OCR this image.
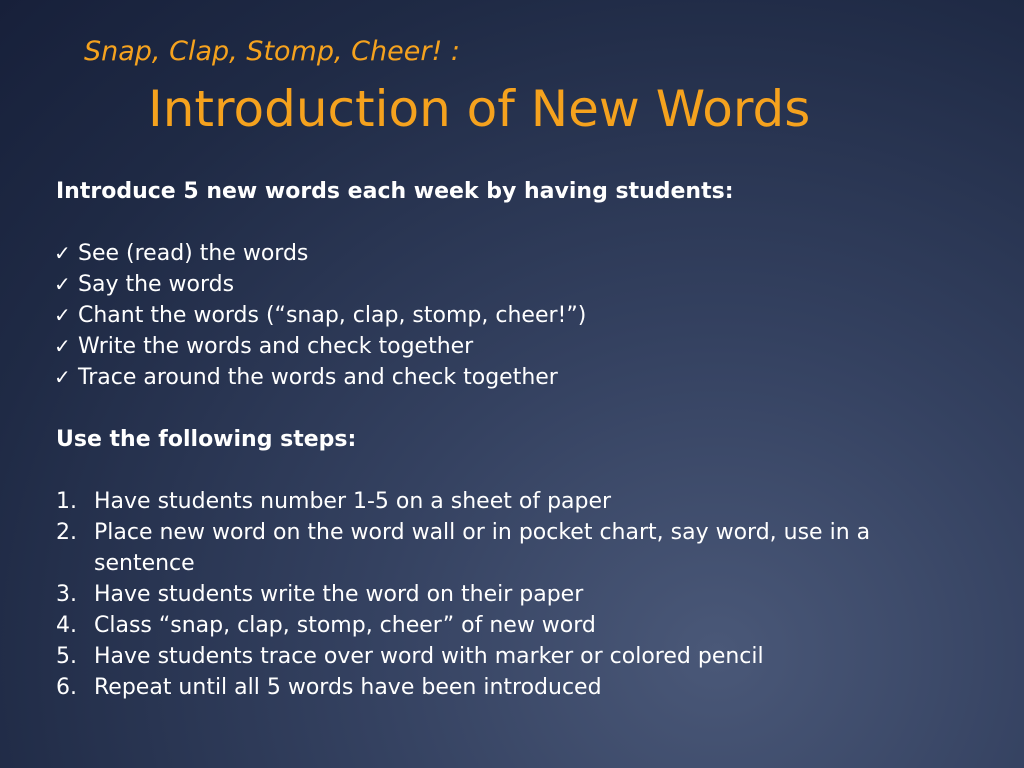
Snap, Clap, Stomp, Cheer! :
Introduction of New Words

Introduce 5 new words each week by having students:

✓ See (read) the words
✓ Say the words
✓ Chant the words (“snap, clap, stomp, cheer!”)
✓ Write the words and check together
✓ Trace around the words and check together

Use the following steps:

1. Have students number 1-5 on a sheet of paper
2. Place new word on the word wall or in pocket chart, say word, use in a sentence
3. Have students write the word on their paper
4. Class “snap, clap, stomp, cheer” of new word
5. Have students trace over word with marker or colored pencil
6. Repeat until all 5 words have been introduced
